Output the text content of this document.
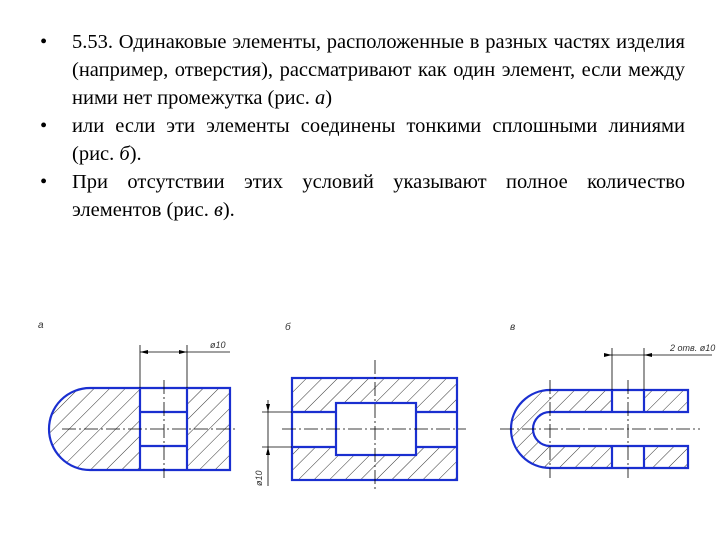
• 5.53. Одинаковые элементы, расположенные в разных частях изделия (например, отверстия), рассматривают как один элемент, если между ними нет промежутка (рис. а)
• или если эти элементы соединены тонкими сплошными линиями (рис. б).
• При отсутствии этих условий указывают полное количество элементов (рис. в).
а
ø10
б
ø10
в
2 отв. ø10
